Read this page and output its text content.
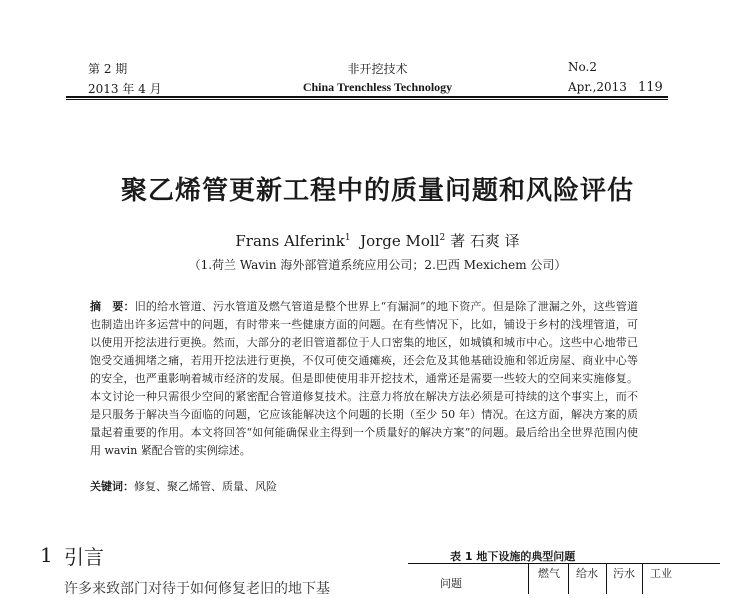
第 2 期
2013 年 4 月
非开挖技术
China Trenchless Technology
No.2
Apr.,2013 119
聚乙烯管更新工程中的质量问题和风险评估
Frans Alferink$^1$ Jorge Moll$^2$ 著 石爽 译
（1.荷兰 Wavin 海外部管道系统应用公司；2.巴西 Mexichem 公司）
摘　要：旧的给水管道、污水管道及燃气管道是整个世界上“有漏洞”的地下资产。但是除了泄漏之外，这些管道也制造出许多运营中的问题，有时带来一些健康方面的问题。在有些情况下，比如，铺设于乡村的浅埋管道，可以使用开挖法进行更换。然而，大部分的老旧管道都位于人口密集的地区，如城镇和城市中心。这些中心地带已饱受交通拥堵之痛，若用开挖法进行更换，不仅可使交通瘫痪，还会危及其他基础设施和邻近房屋、商业中心等的安全，也严重影响着城市经济的发展。但是即使使用非开挖技术，通常还是需要一些较大的空间来实施修复。本文讨论一种只需很少空间的紧密配合管道修复技术。注意力将放在解决方法必须是可持续的这个事实上，而不是只服务于解决当今面临的问题，它应该能解决这个问题的长期（至少 50 年）情况。在这方面，解决方案的质量起着重要的作用。本文将回答“如何能确保业主得到一个质量好的解决方案”的问题。最后给出全世界范围内使用 wavin 紧配合管的实例综述。
关键词：修复、聚乙烯管、质量、风险
1 引言
许多来致部门对待于如何修复老旧的地下基
表 1 地下设施的典型问题
问题
燃气 给水 污水 工业
